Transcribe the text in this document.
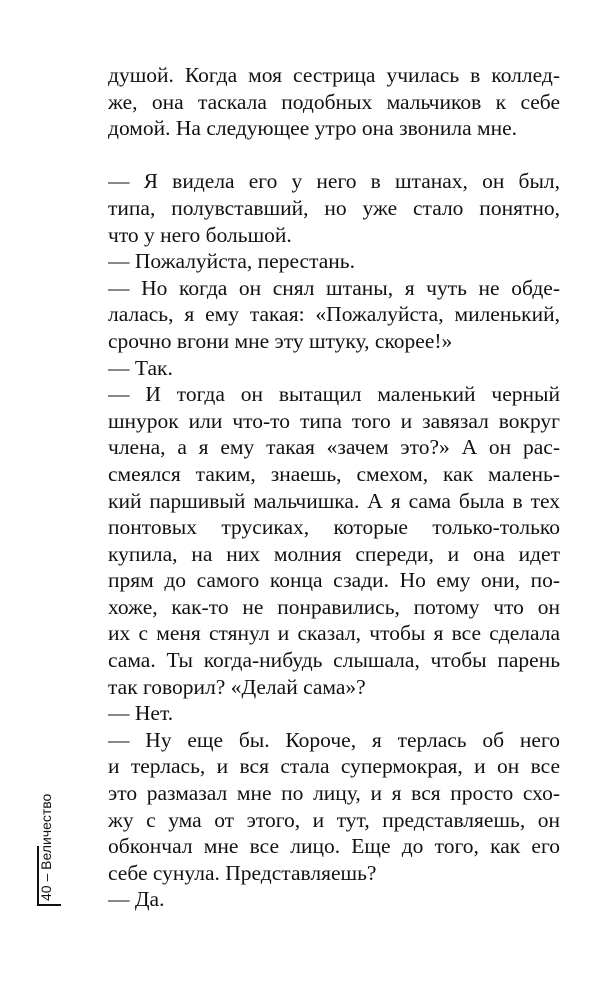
душой. Когда моя сестрица училась в коллед-
же, она таскала подобных мальчиков к себе
домой. На следующее утро она звонила мне.
— Я видела его у него в штанах, он был,
типа, полувставший, но уже стало понятно,
что у него большой.
— Пожалуйста, перестань.
— Но когда он снял штаны, я чуть не обде-
лалась, я ему такая: «Пожалуйста, миленький,
срочно вгони мне эту штуку, скорее!»
— Так.
— И тогда он вытащил маленький черный
шнурок или что-то типа того и завязал вокруг
члена, а я ему такая «зачем это?» А он рас-
смеялся таким, знаешь, смехом, как малень-
кий паршивый мальчишка. А я сама была в тех
понтовых трусиках, которые только-только
купила, на них молния спереди, и она идет
прям до самого конца сзади. Но ему они, по-
хоже, как-то не понравились, потому что он
их с меня стянул и сказал, чтобы я все сделала
сама. Ты когда-нибудь слышала, чтобы парень
так говорил? «Делай сама»?
— Нет.
— Ну еще бы. Короче, я терлась об него
и терлась, и вся стала супермокрая, и он все
это размазал мне по лицу, и я вся просто схо-
жу с ума от этого, и тут, представляешь, он
обкончал мне все лицо. Еще до того, как его
себе сунула. Представляешь?
— Да.
40 – Величество
